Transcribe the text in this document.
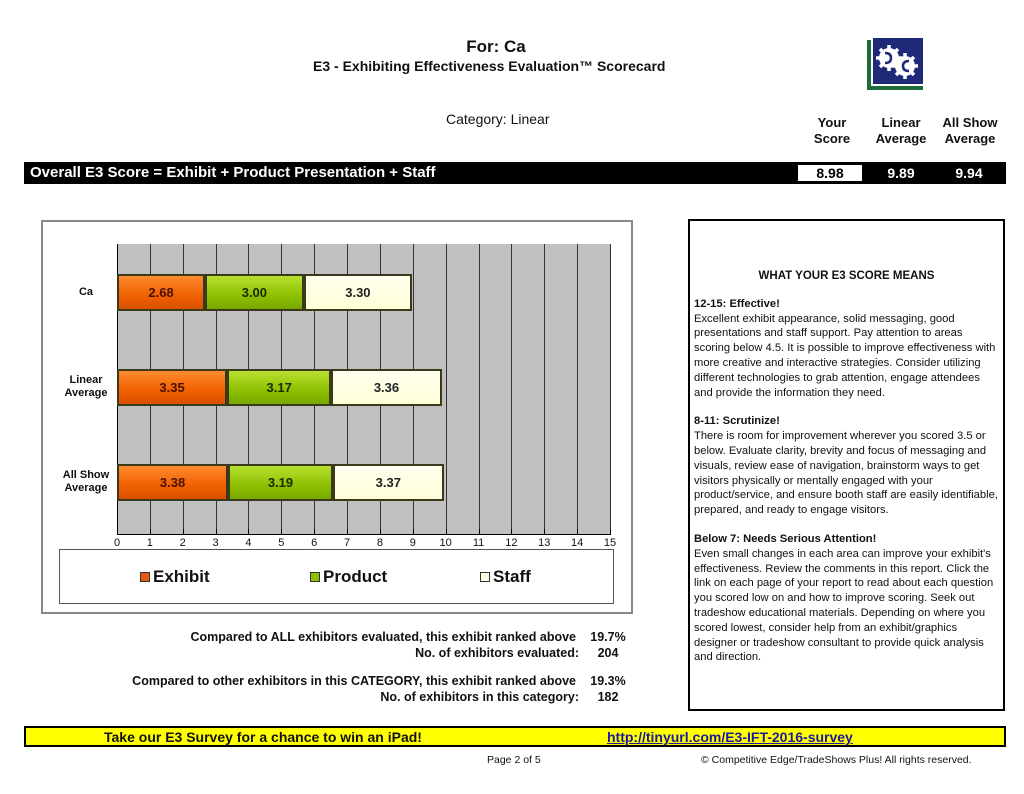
For: Ca
E3 - Exhibiting Effectiveness Evaluation™ Scorecard
Category: Linear	Your
Score
Linear
Average
All Show
Average
Overall E3 Score = Exhibit + Product Presentation + Staff	8.98	9.89	9.94
0	1	2	3	4	5	6	7	8	9	10	11	12	13	14	15
2.68	3.00	3.30
Ca
3.35	3.17	3.36
Linear
Average
3.38	3.19	3.37
All Show
Average
Exhibit	Product	Staff
Compared to ALL exhibitors evaluated, this exhibit ranked above	19.7%
No. of exhibitors evaluated:	204
Compared to other exhibitors in this CATEGORY, this exhibit ranked above	19.3%
No. of exhibitors in this category:	182
WHAT YOUR E3 SCORE MEANS
12-15: Effective!
Excellent exhibit appearance, solid messaging, good presentations and staff support. Pay attention to areas scoring below 4.5. It is possible to improve effectiveness with more creative and interactive strategies. Consider utilizing different technologies to grab attention, engage attendees and provide the information they need.
8-11: Scrutinize!
There is room for improvement wherever you scored 3.5 or below. Evaluate clarity, brevity and focus of messaging and visuals, review ease of navigation, brainstorm ways to get visitors physically or mentally engaged with your product/service, and ensure booth staff are easily identifiable, prepared, and ready to engage visitors.
Below 7: Needs Serious Attention!
Even small changes in each area can improve your exhibit's effectiveness. Review the comments in this report. Click the link on each page of your report to read about each question you scored low on and how to improve scoring. Seek out tradeshow educational materials. Depending on where you scored lowest, consider help from an exhibit/graphics designer or tradeshow consultant to provide quick analysis and direction.
Take our E3 Survey for a chance to win an iPad!	http://tinyurl.com/E3-IFT-2016-survey
Page 2 of 5	© Competitive Edge/TradeShows Plus! All rights reserved.
